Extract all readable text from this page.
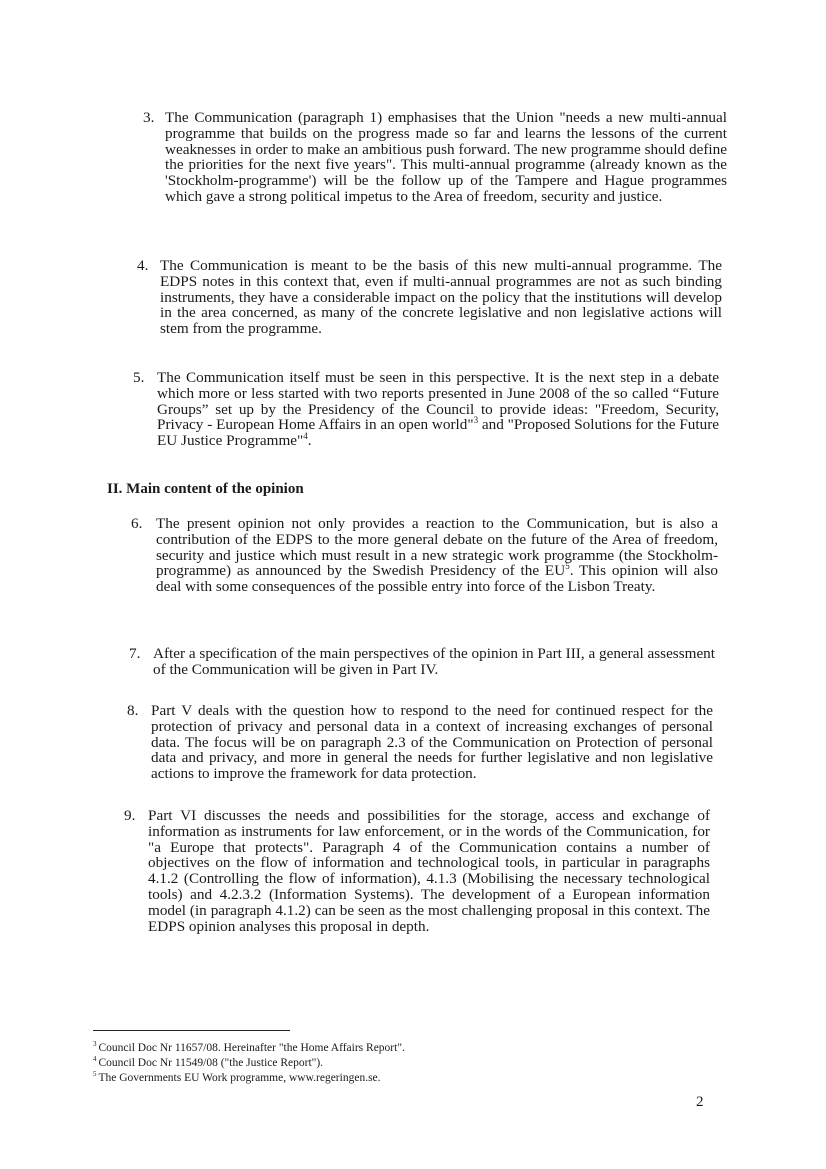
3. The Communication (paragraph 1) emphasises that the Union "needs a new multi-annual programme that builds on the progress made so far and learns the lessons of the current weaknesses in order to make an ambitious push forward. The new programme should define the priorities for the next five years". This multi-annual programme (already known as the 'Stockholm-programme') will be the follow up of the Tampere and Hague programmes which gave a strong political impetus to the Area of freedom, security and justice.
4. The Communication is meant to be the basis of this new multi-annual programme. The EDPS notes in this context that, even if multi-annual programmes are not as such binding instruments, they have a considerable impact on the policy that the institutions will develop in the area concerned, as many of the concrete legislative and non legislative actions will stem from the programme.
5. The Communication itself must be seen in this perspective. It is the next step in a debate which more or less started with two reports presented in June 2008 of the so called “Future Groups” set up by the Presidency of the Council to provide ideas: "Freedom, Security, Privacy - European Home Affairs in an open world"$^3$ and "Proposed Solutions for the Future EU Justice Programme"$^4$.
II. Main content of the opinion
6. The present opinion not only provides a reaction to the Communication, but is also a contribution of the EDPS to the more general debate on the future of the Area of freedom, security and justice which must result in a new strategic work programme (the Stockholm-programme) as announced by the Swedish Presidency of the $EU^5$. This opinion will also deal with some consequences of the possible entry into force of the Lisbon Treaty.
7. After a specification of the main perspectives of the opinion in Part III, a general assessment of the Communication will be given in Part IV.
8. Part V deals with the question how to respond to the need for continued respect for the protection of privacy and personal data in a context of increasing exchanges of personal data. The focus will be on paragraph 2.3 of the Communication on Protection of personal data and privacy, and more in general the needs for further legislative and non legislative actions to improve the framework for data protection.
9. Part VI discusses the needs and possibilities for the storage, access and exchange of information as instruments for law enforcement, or in the words of the Communication, for "a Europe that protects". Paragraph 4 of the Communication contains a number of objectives on the flow of information and technological tools, in particular in paragraphs 4.1.2 (Controlling the flow of information), 4.1.3 (Mobilising the necessary technological tools) and 4.2.3.2 (Information Systems). The development of a European information model (in paragraph 4.1.2) can be seen as the most challenging proposal in this context. The EDPS opinion analyses this proposal in depth.
$^3$ Council Doc Nr 11657/08. Hereinafter "the Home Affairs Report".
$^4$ Council Doc Nr 11549/08 ("the Justice Report").
$^5$ The Governments EU Work programme, www.regeringen.se.
2
